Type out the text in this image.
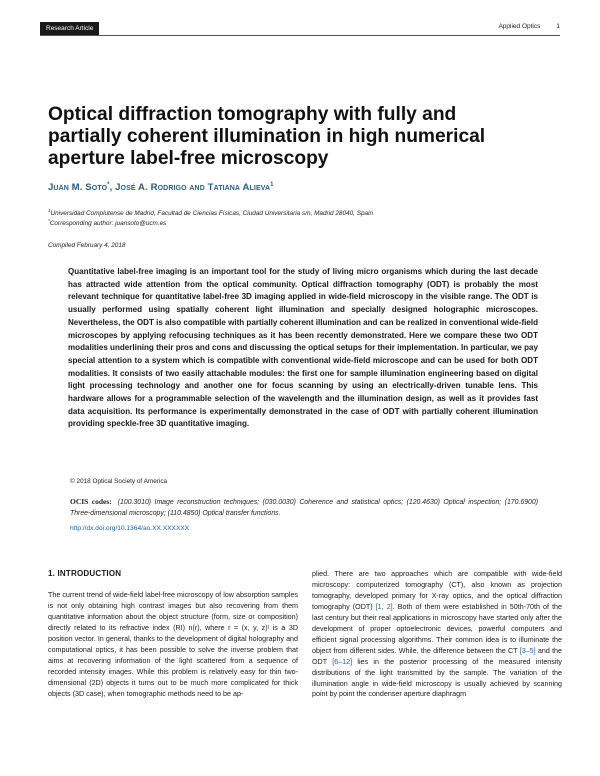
Research Article	Applied Optics 1
Optical diffraction tomography with fully and partially coherent illumination in high numerical aperture label-free microscopy
Juan M. Soto*, José A. Rodrigo and Tatiana Alieva$^1$
$^1$Universidad Complutense de Madrid, Facultad de Ciencias Físicas, Ciudad Universitaria s/n, Madrid 28040, Spain
*Corresponding author: juansoto@ucm.es
Compiled February 4, 2018
Quantitative label-free imaging is an important tool for the study of living micro organisms which during the last decade has attracted wide attention from the optical community. Optical diffraction tomography (ODT) is probably the most relevant technique for quantitative label-free 3D imaging applied in wide-field microscopy in the visible range. The ODT is usually performed using spatially coherent light illumination and specially designed holographic microscopes. Nevertheless, the ODT is also compatible with partially coherent illumination and can be realized in conventional wide-field microscopes by applying refocusing techniques as it has been recently demonstrated. Here we compare these two ODT modalities underlining their pros and cons and discussing the optical setups for their implementation. In particular, we pay special attention to a system which is compatible with conventional wide-field microscope and can be used for both ODT modalities. It consists of two easily attachable modules: the first one for sample illumination engineering based on digital light processing technology and another one for focus scanning by using an electrically-driven tunable lens. This hardware allows for a programmable selection of the wavelength and the illumination design, as well as it provides fast data acquisition. Its performance is experimentally demonstrated in the case of ODT with partially coherent illumination providing speckle-free 3D quantitative imaging.
© 2018 Optical Society of America
OCIS codes: (100.3010) Image reconstruction techniques; (030.0030) Coherence and statistical optics; (120.4630) Optical inspection; (170.6900) Three-dimensional microscopy; (110.4850) Optical transfer functions.
http://dx.doi.org/10.1364/ao.XX.XXXXXX
1. INTRODUCTION

The current trend of wide-field label-free microscopy of low absorption samples is not only obtaining high contrast images but also recovering from them quantitative information about the object structure (form, size or composition) directly related to its refractive index (RI) n(r), where r = (x, y, z)ᵗ is a 3D position vector. In general, thanks to the development of digital holography and computational optics, it has been possible to solve the inverse problem that aims at recovering information of the light scattered from a sequence of recorded intensity images. While this problem is relatively easy for thin two-dimensional (2D) objects it turns out to be much more complicated for thick objects (3D case), when tomographic methods need to be ap-

plied. There are two approaches which are compatible with wide-field microscopy: computerized tomography (CT), also known as projection tomography, developed primary for X-ray optics, and the optical diffraction tomography (ODT) [1, 2]. Both of them were established in 50th-70th of the last century but their real applications in microscopy have started only after the development of proper optoelectronic devices, powerful computers and efficient signal processing algorithms. Their common idea is to illuminate the object from different sides. While, the difference between the CT [3–5] and the ODT [6–12] lies in the posterior processing of the measured intensity distributions of the light transmitted by the sample. The variation of the illumination angle in wide-field microscopy is usually achieved by scanning point by point the condenser aperture diaphragm
